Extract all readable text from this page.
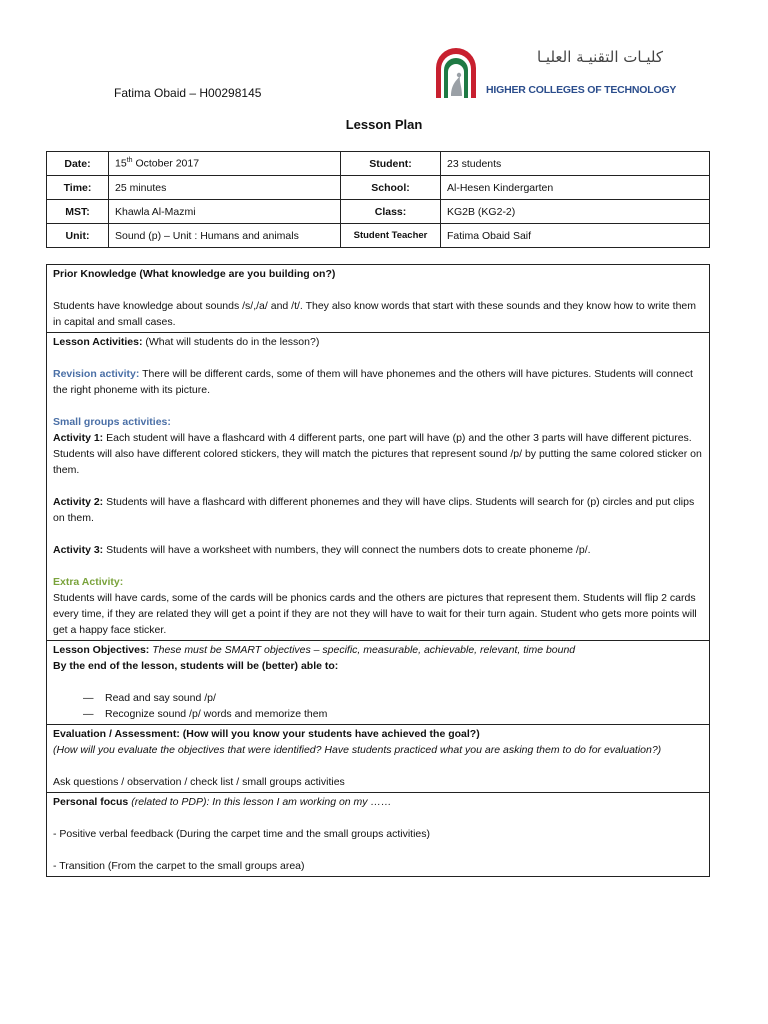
Fatima Obaid – H00298145
كليـات التقنيـة العليـا
HIGHER COLLEGES OF TECHNOLOGY
Lesson Plan
Date:	15th October 2017	Student:	23 students
Time:	25 minutes	School:	Al-Hesen Kindergarten
MST:	Khawla Al-Mazmi	Class:	KG2B (KG2-2)
Unit:	Sound (p) – Unit : Humans and animals	Student Teacher	Fatima Obaid Saif
Prior Knowledge (What knowledge are you building on?)
Students have knowledge about sounds /s/,/a/ and /t/. They also know words that start with these sounds and they know how to write them in capital and small cases.
Lesson Activities: (What will students do in the lesson?)
Revision activity: There will be different cards, some of them will have phonemes and the others will have pictures. Students will connect the right phoneme with its picture.
Small groups activities:
Activity 1: Each student will have a flashcard with 4 different parts, one part will have (p) and the other 3 parts will have different pictures. Students will also have different colored stickers, they will match the pictures that represent sound /p/ by putting the same colored sticker on them.
Activity 2: Students will have a flashcard with different phonemes and they will have clips. Students will search for (p) circles and put clips on them.
Activity 3: Students will have a worksheet with numbers, they will connect the numbers dots to create phoneme /p/.
Extra Activity:
Students will have cards, some of the cards will be phonics cards and the others are pictures that represent them. Students will flip 2 cards every time, if they are related they will get a point if they are not they will have to wait for their turn again. Student who gets more points will get a happy face sticker.
Lesson Objectives: These must be SMART objectives – specific, measurable, achievable, relevant, time bound
By the end of the lesson, students will be (better) able to:
— Read and say sound /p/
— Recognize sound /p/ words and memorize them
Evaluation / Assessment: (How will you know your students have achieved the goal?)
(How will you evaluate the objectives that were identified? Have students practiced what you are asking them to do for evaluation?)
Ask questions / observation / check list / small groups activities
Personal focus (related to PDP): In this lesson I am working on my ……
- Positive verbal feedback (During the carpet time and the small groups activities)
- Transition (From the carpet to the small groups area)
